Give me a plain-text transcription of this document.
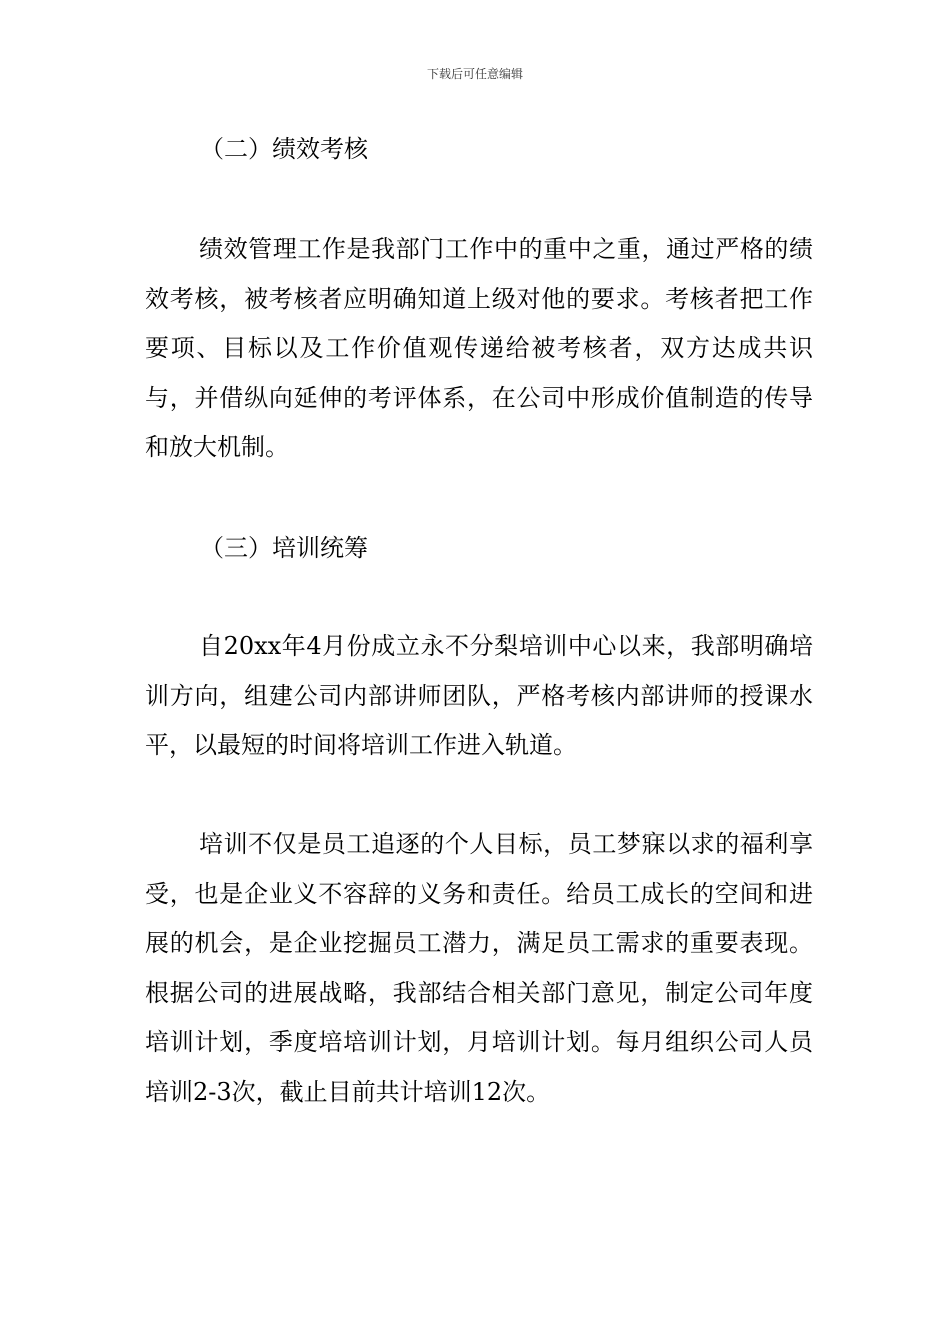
下载后可任意编辑
（二）绩效考核
绩效管理工作是我部门工作中的重中之重，通过严格的绩效考核，被考核者应明确知道上级对他的要求。考核者把工作要项、目标以及工作价值观传递给被考核者，双方达成共识与，并借纵向延伸的考评体系，在公司中形成价值制造的传导和放大机制。
（三）培训统筹
自20xx年4月份成立永不分梨培训中心以来，我部明确培训方向，组建公司内部讲师团队，严格考核内部讲师的授课水平，以最短的时间将培训工作进入轨道。
培训不仅是员工追逐的个人目标，员工梦寐以求的福利享受，也是企业义不容辞的义务和责任。给员工成长的空间和进展的机会，是企业挖掘员工潜力，满足员工需求的重要表现。根据公司的进展战略，我部结合相关部门意见，制定公司年度培训计划，季度培培训计划，月培训计划。每月组织公司人员培训2-3次，截止目前共计培训12次。
